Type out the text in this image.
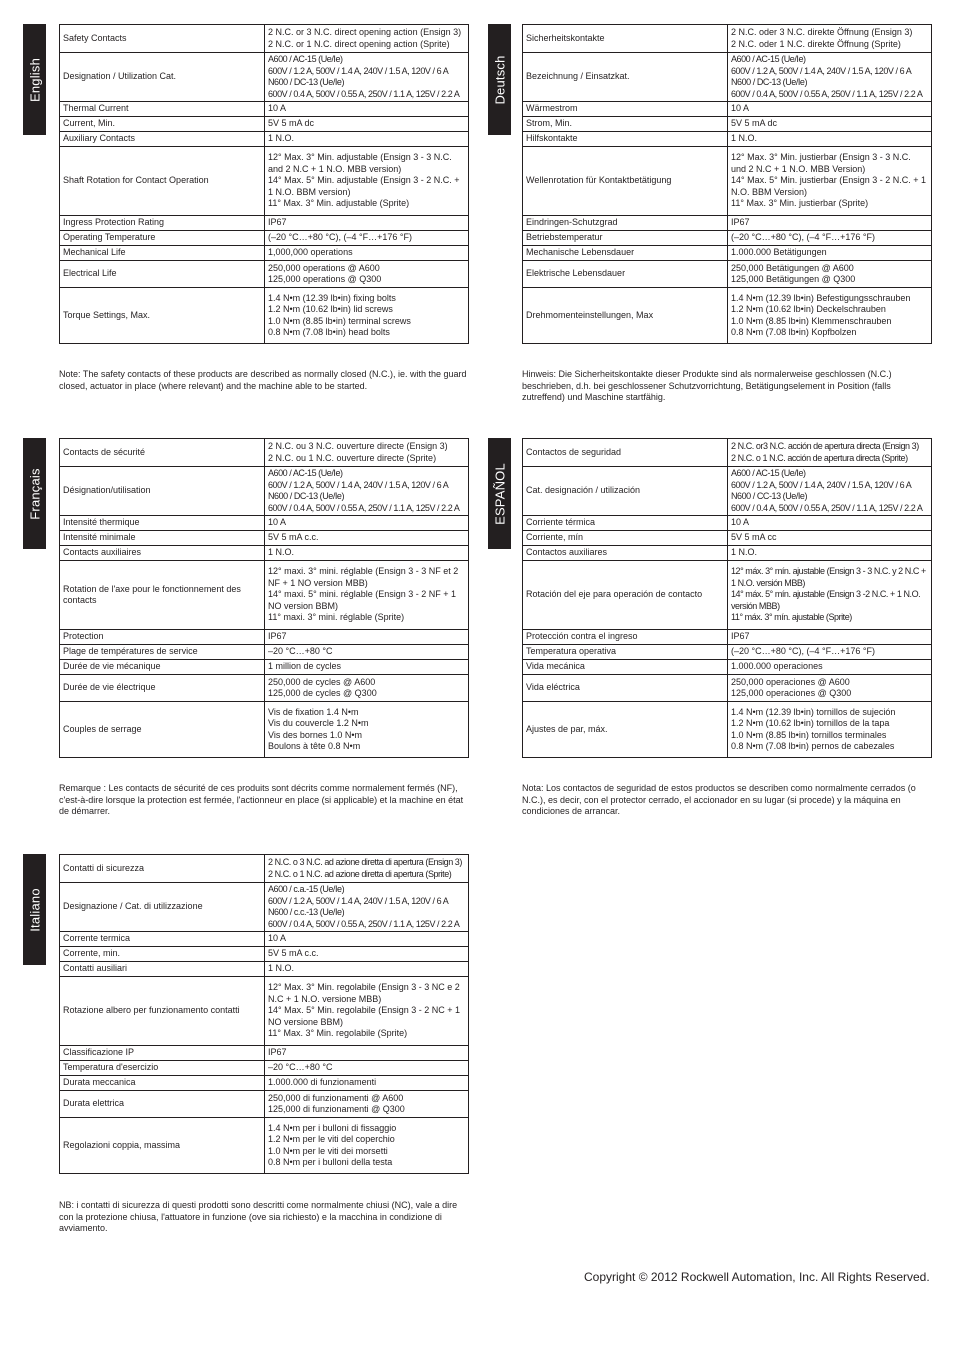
English
Safety Contacts	2 N.C. or 3 N.C. direct opening action (Ensign 3)
2 N.C. or 1 N.C. direct opening action (Sprite)
Designation / Utilization Cat.	A600 / AC-15 (Ue/Ie)
600V / 1.2 A, 500V / 1.4 A, 240V / 1.5 A, 120V / 6 A
N600 / DC-13 (Ue/Ie)
600V / 0.4 A, 500V / 0.55 A, 250V / 1.1 A, 125V / 2.2 A
Thermal Current	10 A
Current, Min.	5V 5 mA dc
Auxiliary Contacts	1 N.O.
Shaft Rotation for Contact Operation	12° Max. 3° Min. adjustable (Ensign 3 - 3 N.C. and 2 N.C + 1 N.O. MBB version)
14° Max. 5° Min. adjustable (Ensign 3 - 2 N.C. + 1 N.O. BBM version)
11° Max. 3° Min. adjustable (Sprite)
Ingress Protection Rating	IP67
Operating Temperature	(–20 °C…+80 °C), (–4 °F…+176 °F)
Mechanical Life	1,000,000 operations
Electrical Life	250,000 operations @ A600
125,000 operations @ Q300
Torque Settings, Max.	1.4 N•m (12.39 lb•in) fixing bolts
1.2 N•m (10.62 lb•in) lid screws
1.0 N•m (8.85 lb•in) terminal screws
0.8 N•m (7.08 lb•in) head bolts
Note: The safety contacts of these products are described as normally closed (N.C.), ie. with the guard closed, actuator in place (where relevant) and the machine able to be started.
Deutsch
Sicherheitskontakte	2 N.C. oder 3 N.C. direkte Öffnung (Ensign 3)
2 N.C. oder 1 N.C. direkte Öffnung (Sprite)
Bezeichnung / Einsatzkat.	A600 / AC-15 (Ue/Ie)
600V / 1.2 A, 500V / 1.4 A, 240V / 1.5 A, 120V / 6 A
N600 / DC-13 (Ue/Ie)
600V / 0.4 A, 500V / 0.55 A, 250V / 1.1 A, 125V / 2.2 A
Wärmestrom	10 A
Strom, Min.	5V 5 mA dc
Hilfskontakte	1 N.O.
Wellenrotation für Kontaktbetätigung	12° Max. 3° Min. justierbar (Ensign 3 - 3 N.C. und 2 N.C + 1 N.O. MBB Version)
14° Max. 5° Min. justierbar (Ensign 3 - 2 N.C. + 1 N.O. BBM Version)
11° Max. 3° Min. justierbar (Sprite)
Eindringen-Schutzgrad	IP67
Betriebstemperatur	(–20 °C…+80 °C), (–4 °F…+176 °F)
Mechanische Lebensdauer	1.000.000 Betätigungen
Elektrische Lebensdauer	250,000 Betätigungen @ A600
125,000 Betätigungen @ Q300
Drehmomenteinstellungen, Max	1.4 N•m (12.39 lb•in) Befestigungsschrauben
1.2 N•m (10.62 lb•in) Deckelschrauben
1.0 N•m (8.85 lb•in) Klemmenschrauben
0.8 N•m (7.08 lb•in) Kopfbolzen
Hinweis: Die Sicherheitskontakte dieser Produkte sind als normalerweise geschlossen (N.C.) beschrieben, d.h. bei geschlossener Schutzvorrichtung, Betätigungselement in Position (falls zutreffend) und Maschine startfähig.
Français
Contacts de sécurité	2 N.C. ou 3 N.C. ouverture directe (Ensign 3)
2 N.C. ou 1 N.C. ouverture directe (Sprite)
Désignation/utilisation	A600 / AC-15 (Ue/Ie)
600V / 1.2 A, 500V / 1.4 A, 240V / 1.5 A, 120V / 6 A
N600 / DC-13 (Ue/Ie)
600V / 0.4 A, 500V / 0.55 A, 250V / 1.1 A, 125V / 2.2 A
Intensité thermique	10 A
Intensité minimale	5V 5 mA c.c.
Contacts auxiliaires	1 N.O.
Rotation de l'axe pour le fonctionnement des contacts	12° maxi. 3° mini. réglable (Ensign 3 - 3 NF et 2 NF + 1 NO version MBB)
14° maxi. 5° mini. réglable (Ensign 3 - 2 NF + 1 NO version BBM)
11° maxi. 3° mini. réglable (Sprite)
Protection	IP67
Plage de températures de service	–20 °C…+80 °C
Durée de vie mécanique	1 million de cycles
Durée de vie électrique	250,000 de cycles @ A600
125,000 de cycles @ Q300
Couples de serrage	Vis de fixation 1.4 N•m
Vis du couvercle 1.2 N•m
Vis des bornes 1.0 N•m
Boulons à tête 0.8 N•m
Remarque : Les contacts de sécurité de ces produits sont décrits comme normalement fermés (NF), c'est-à-dire lorsque la protection est fermée, l'actionneur en place (si applicable) et la machine en état de démarrer.
ESPAÑOL
Contactos de seguridad	2 N.C. or3 N.C. acción de apertura directa (Ensign 3)
2 N.C. o 1 N.C. acción de apertura directa (Sprite)
Cat. designación / utilización	A600 / AC-15 (Ue/Ie)
600V / 1.2 A, 500V / 1.4 A, 240V / 1.5 A, 120V / 6 A
N600 / CC-13 (Ue/Ie)
600V / 0.4 A, 500V / 0.55 A, 250V / 1.1 A, 125V / 2.2 A
Corriente térmica	10 A
Corriente, mín	5V 5 mA cc
Contactos auxiliares	1 N.O.
Rotación del eje para operación de contacto	12° máx. 3° mín. ajustable (Ensign 3 - 3 N.C. y 2 N.C + 1 N.O. versión MBB)
14° máx. 5° mín. ajustable (Ensign 3 -2 N.C. + 1 N.O. versión MBB)
11° máx. 3° mín. ajustable (Sprite)
Protección contra el ingreso	IP67
Temperatura operativa	(–20 °C…+80 °C), (–4 °F…+176 °F)
Vida mecánica	1.000.000 operaciones
Vida eléctrica	250,000 operaciones @ A600
125,000 operaciones @ Q300
Ajustes de par, máx.	1.4 N•m (12.39 lb•in) tornillos de sujeción
1.2 N•m (10.62 lb•in) tornillos de la tapa
1.0 N•m (8.85 lb•in) tornillos terminales
0.8 N•m (7.08 lb•in) pernos de cabezales
Nota: Los contactos de seguridad de estos productos se describen como normalmente cerrados (o N.C.), es decir, con el protector cerrado, el accionador en su lugar (si procede) y la máquina en condiciones de arrancar.
Italiano
Contatti di sicurezza	2 N.C. o 3 N.C. ad azione diretta di apertura (Ensign 3)
2 N.C. o 1 N.C. ad azione diretta di apertura (Sprite)
Designazione / Cat. di utilizzazione	A600 / c.a.-15 (Ue/Ie)
600V / 1.2 A, 500V / 1.4 A, 240V / 1.5 A, 120V / 6 A
N600 / c.c.-13 (Ue/Ie)
600V / 0.4 A, 500V / 0.55 A, 250V / 1.1 A, 125V / 2.2 A
Corrente termica	10 A
Corrente, min.	5V 5 mA c.c.
Contatti ausiliari	1 N.O.
Rotazione albero per funzionamento contatti	12° Max. 3° Min. regolabile (Ensign 3 - 3 NC e 2 N.C + 1 N.O. versione MBB)
14° Max. 5° Min. regolabile (Ensign 3 - 2 NC + 1 NO versione BBM)
11° Max. 3° Min. regolabile (Sprite)
Classificazione IP	IP67
Temperatura d'esercizio	–20 °C…+80 °C
Durata meccanica	1.000.000 di funzionamenti
Durata elettrica	250,000 di funzionamenti @ A600
125,000 di funzionamenti @ Q300
Regolazioni coppia, massima	1.4 N•m per i bulloni di fissaggio
1.2 N•m per le viti del coperchio
1.0 N•m per le viti dei morsetti
0.8 N•m per i bulloni della testa
NB: i contatti di sicurezza di questi prodotti sono descritti come normalmente chiusi (NC), vale a dire con la protezione chiusa, l'attuatore in funzione (ove sia richiesto) e la macchina in condizione di avviamento.
Copyright © 2012 Rockwell Automation, Inc. All Rights Reserved.
